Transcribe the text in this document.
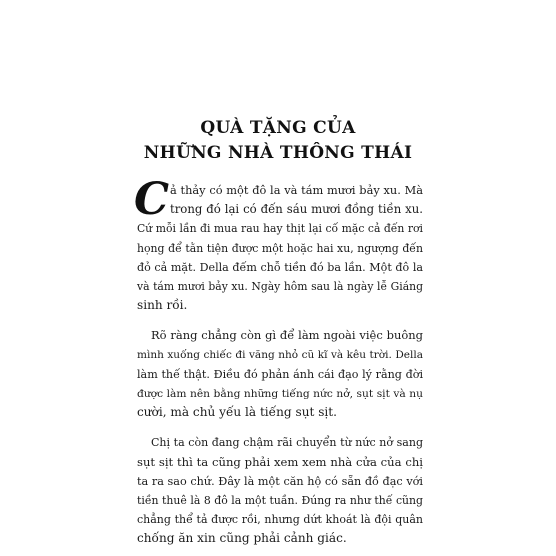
QUÀ TẶNG CỦA
NHỮNG NHÀ THÔNG THÁI
C ả thảy có một đô la và tám mươi bảy xu. Mà
trong đó lại có đến sáu mươi đồng tiền xu.
Cứ mỗi lần đi mua rau hay thịt lại cố mặc cả đến rơi
họng để tằn tiện được một hoặc hai xu, ngượng đến
đỏ cả mặt. Della đếm chỗ tiền đó ba lần. Một đô la
và tám mươi bảy xu. Ngày hôm sau là ngày lễ Giáng
sinh rồi.
Rõ ràng chẳng còn gì để làm ngoài việc buông
mình xuống chiếc đi văng nhỏ cũ kĩ và kêu trời. Della
làm thế thật. Điều đó phản ánh cái đạo lý rằng đời
được làm nên bằng những tiếng nức nở, sụt sịt và nụ
cười, mà chủ yếu là tiếng sụt sịt.
Chị ta còn đang chậm rãi chuyển từ nức nở sang
sụt sịt thì ta cũng phải xem xem nhà cửa của chị
ta ra sao chứ. Đây là một căn hộ có sẵn đồ đạc với
tiền thuê là 8 đô la một tuần. Đúng ra như thế cũng
chẳng thể tả được rồi, nhưng dứt khoát là đội quân
chống ăn xin cũng phải cảnh giác.
